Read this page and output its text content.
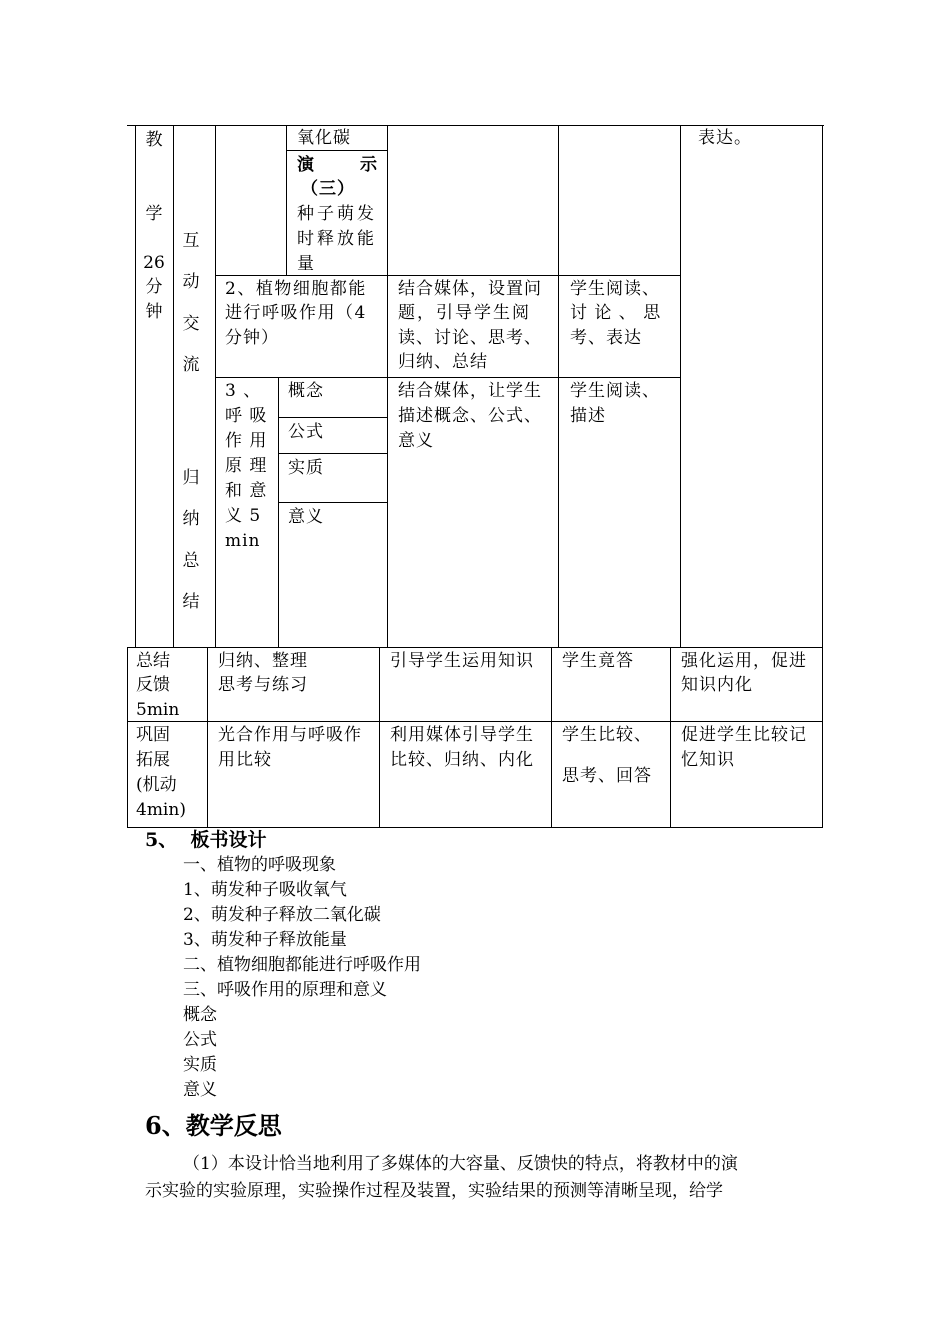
教
学
26
分
钟
互
动
交
流
归
纳
总
结
氧化碳
演	示
（三）
种子萌发
时释放能
量
表达。
2、植物细胞都能
进行呼吸作用（4
分钟）
结合媒体，设置问
题，引导学生阅
读、讨论、思考、
归纳、总结
学生阅读、
讨 论 、 思
考、表达
3 、
呼 吸
作 用
原 理
和 意
义 5
min
概念
公式
实质
意义
结合媒体，让学生
描述概念、公式、
意义
学生阅读、
描述
总结
反馈
5min
归纳、整理
思考与练习
引导学生运用知识 学生竟答	强化运用，促进
知识内化
巩固
拓展
(机动
4min)
光合作用与呼吸作
用比较
利用媒体引导学生
比较、归纳、内化
学生比较、
思考、回答
促进学生比较记
忆知识
5、  板书设计
一、植物的呼吸现象
1、萌发种子吸收氧气
2、萌发种子释放二氧化碳
3、萌发种子释放能量
二、植物细胞都能进行呼吸作用
三、呼吸作用的原理和意义
概念
公式
实质
意义
6、教学反思
（1）本设计恰当地利用了多媒体的大容量、反馈快的特点，将教材中的演
示实验的实验原理，实验操作过程及装置，实验结果的预测等清晰呈现，给学
